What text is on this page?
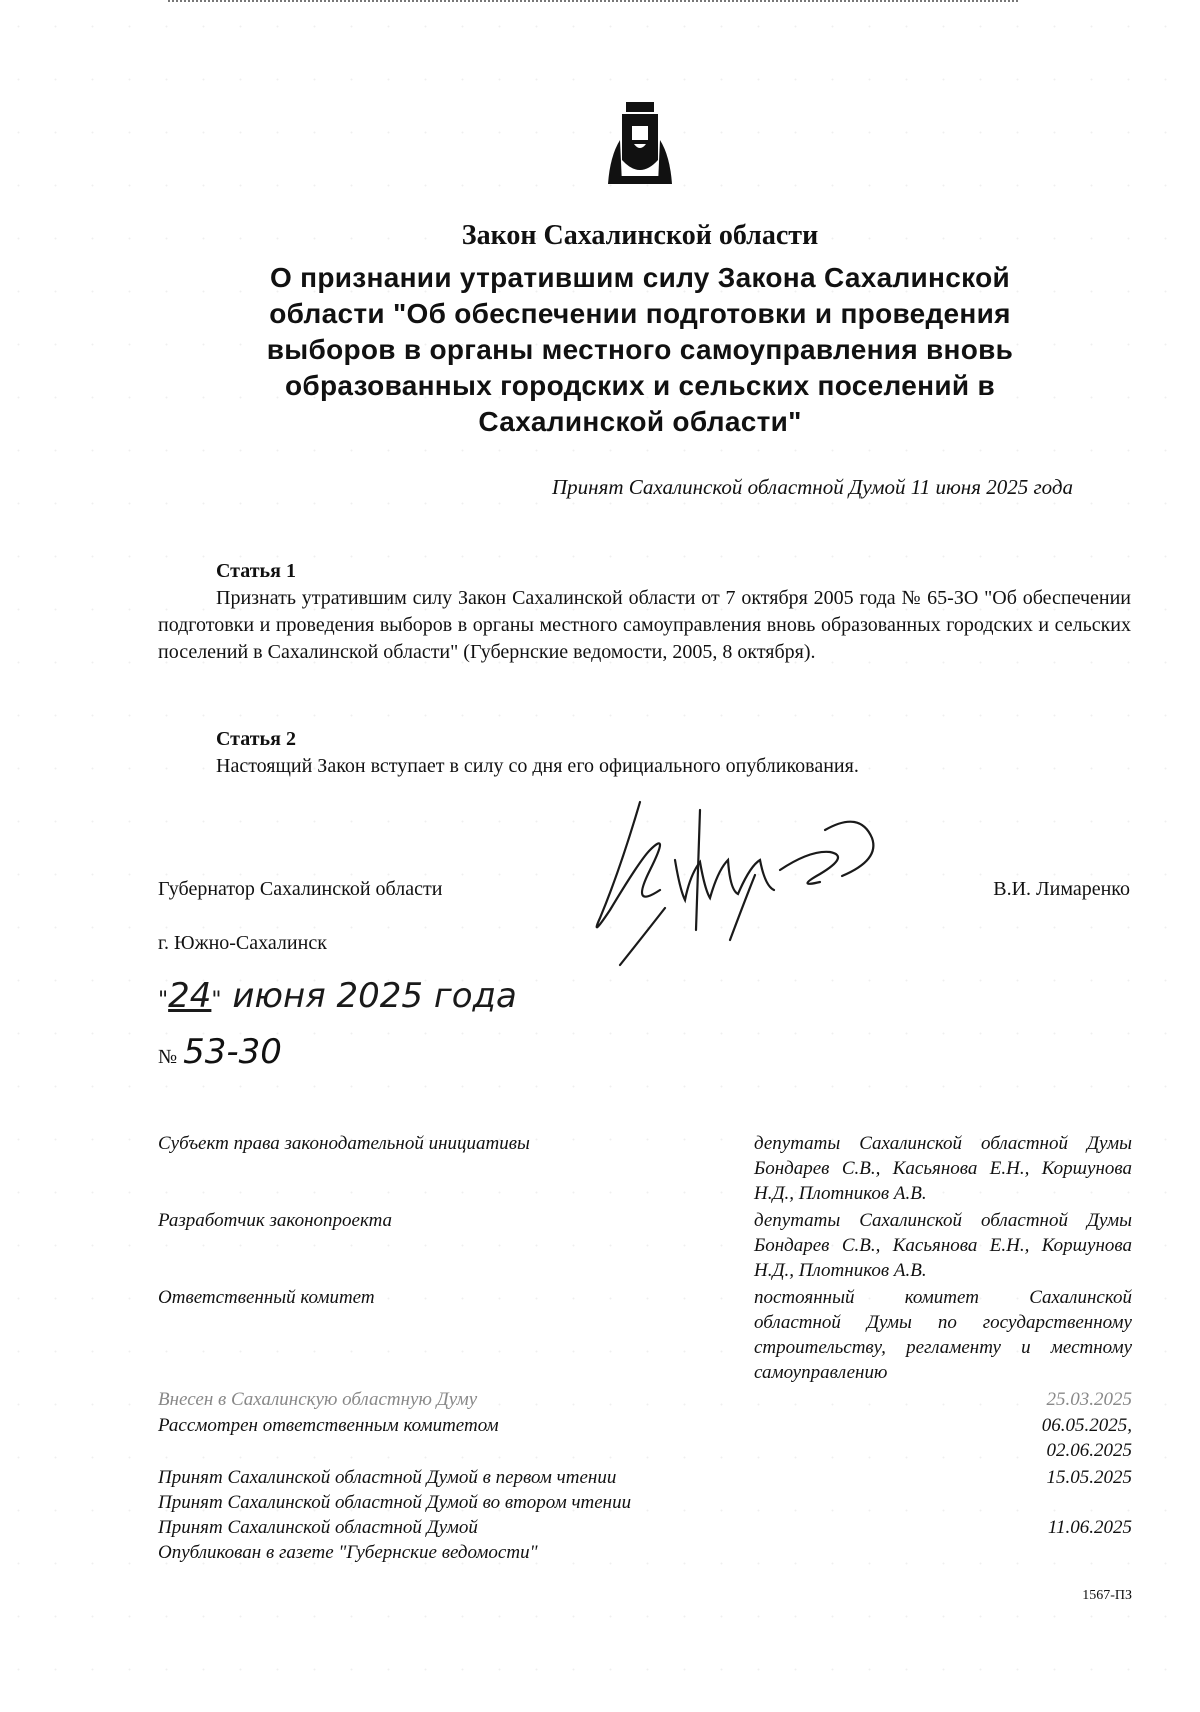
Закон Сахалинской области
О признании утратившим силу Закона Сахалинской
области "Об обеспечении подготовки и проведения
выборов в органы местного самоуправления вновь
образованных городских и сельских поселений в
Сахалинской области"
Принят Сахалинской областной Думой 11 июня 2025 года
Статья 1

Признать утратившим силу Закон Сахалинской области от 7 октября 2005 года № 65-ЗО "Об обеспечении подготовки и проведения выборов в органы местного самоуправления вновь образованных городских и сельских поселений в Сахалинской области" (Губернские ведомости, 2005, 8 октября).

Статья 2

Настоящий Закон вступает в силу со дня его официального опубликования.

Губернатор Сахалинской области	В.И. Лимаренко
г. Южно-Сахалинск
"24" июня 2025 года
№ 53-30
Субъект права законодательной инициативы	депутаты Сахалинской областной Думы Бондарев С.В., Касьянова Е.Н., Коршунова Н.Д., Плотников А.В.
Разработчик законопроекта	депутаты Сахалинской областной Думы Бондарев С.В., Касьянова Е.Н., Коршунова Н.Д., Плотников А.В.
Ответственный комитет	постоянный комитет Сахалинской областной Думы по государственному строительству, регламенту и местному самоуправлению
Внесен в Сахалинскую областную Думу	25.03.2025
Рассмотрен ответственным комитетом	06.05.2025, 02.06.2025
Принят Сахалинской областной Думой в первом чтении	15.05.2025
Принят Сахалинской областной Думой во втором чтении
Принят Сахалинской областной Думой	11.06.2025
Опубликован в газете "Губернские ведомости"
1567-ПЗ
